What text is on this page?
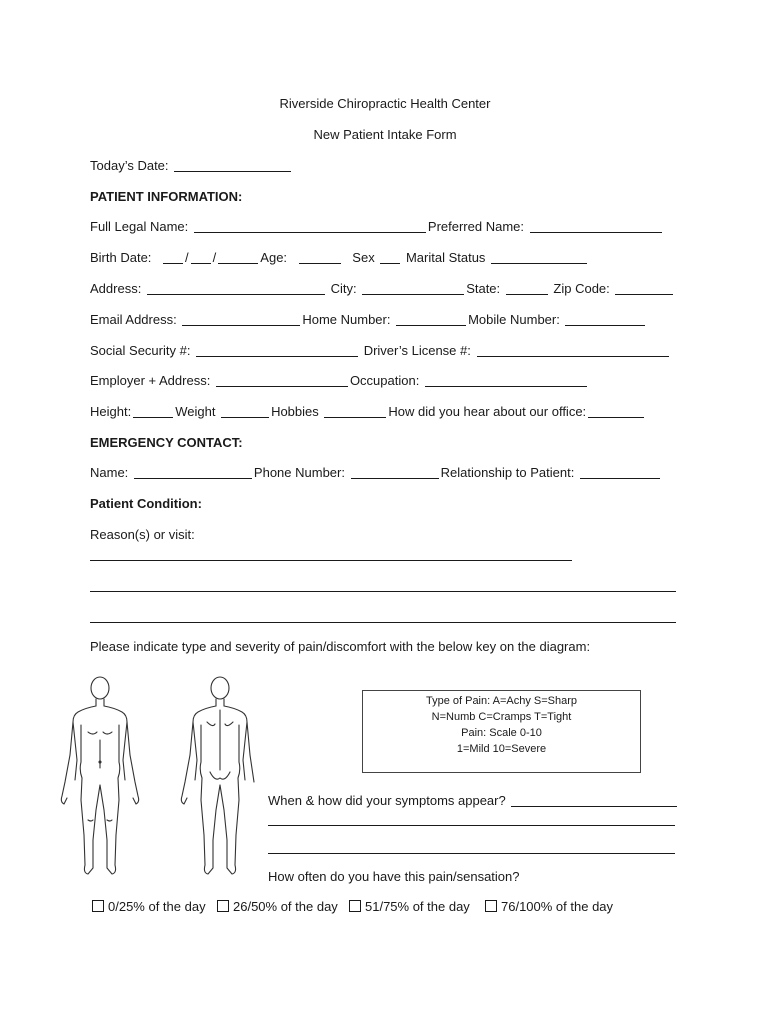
Riverside Chiropractic Health Center
New Patient Intake Form
Today’s Date:
PATIENT INFORMATION:
Full Legal Name:	Preferred Name:
Birth Date:	/ /	Age:	Sex Marital Status
Address:	City:	State:	Zip Code:
Email Address:	Home Number:	Mobile Number:
Social Security #:	Driver’s License #:
Employer + Address:	Occupation:
Height:	Weight	Hobbies	How did you hear about our office:
EMERGENCY CONTACT:
Name:	Phone Number:	Relationship to Patient:
Patient Condition:
Reason(s) or visit:
Please indicate type and severity of pain/discomfort with the below key on the diagram:
Type of Pain: A=Achy S=Sharp
N=Numb C=Cramps T=Tight
Pain: Scale 0-10
1=Mild 10=Severe
When & how did your symptoms appear?
How often do you have this pain/sensation?
0/25% of the day	26/50% of the day	51/75% of the day	76/100% of the day
